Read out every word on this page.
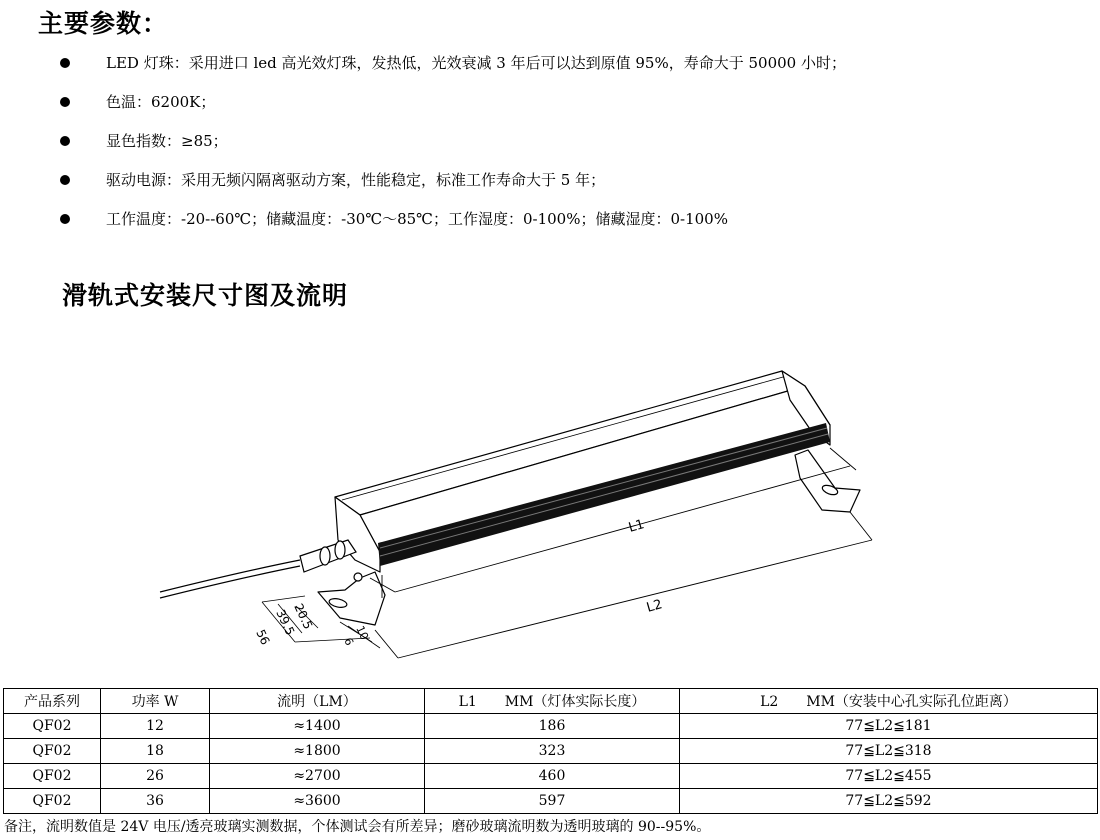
主要参数：
LED 灯珠：采用进口 led 高光效灯珠，发热低，光效衰减 3 年后可以达到原值 95%，寿命大于 50000 小时；
色温：6200K；
显色指数：≥85；
驱动电源：采用无频闪隔离驱动方案，性能稳定，标准工作寿命大于 5 年；
工作温度：-20--60℃；储藏温度：-30℃～85℃；工作湿度：0-100%；储藏湿度：0-100%
滑轨式安装尺寸图及流明
L1
L2
56 39.5
20.5
10
6
产品系列	功率 W	流明（LM）	L1　　MM（灯体实际长度）	L2　　MM（安装中心孔实际孔位距离）
QF02	12	≈1400	186	77≦L2≦181
QF02	18	≈1800	323	77≦L2≦318
QF02	26	≈2700	460	77≦L2≦455
QF02	36	≈3600	597	77≦L2≦592
备注，流明数值是 24V 电压/透亮玻璃实测数据，个体测试会有所差异；磨砂玻璃流明数为透明玻璃的 90--95%。
